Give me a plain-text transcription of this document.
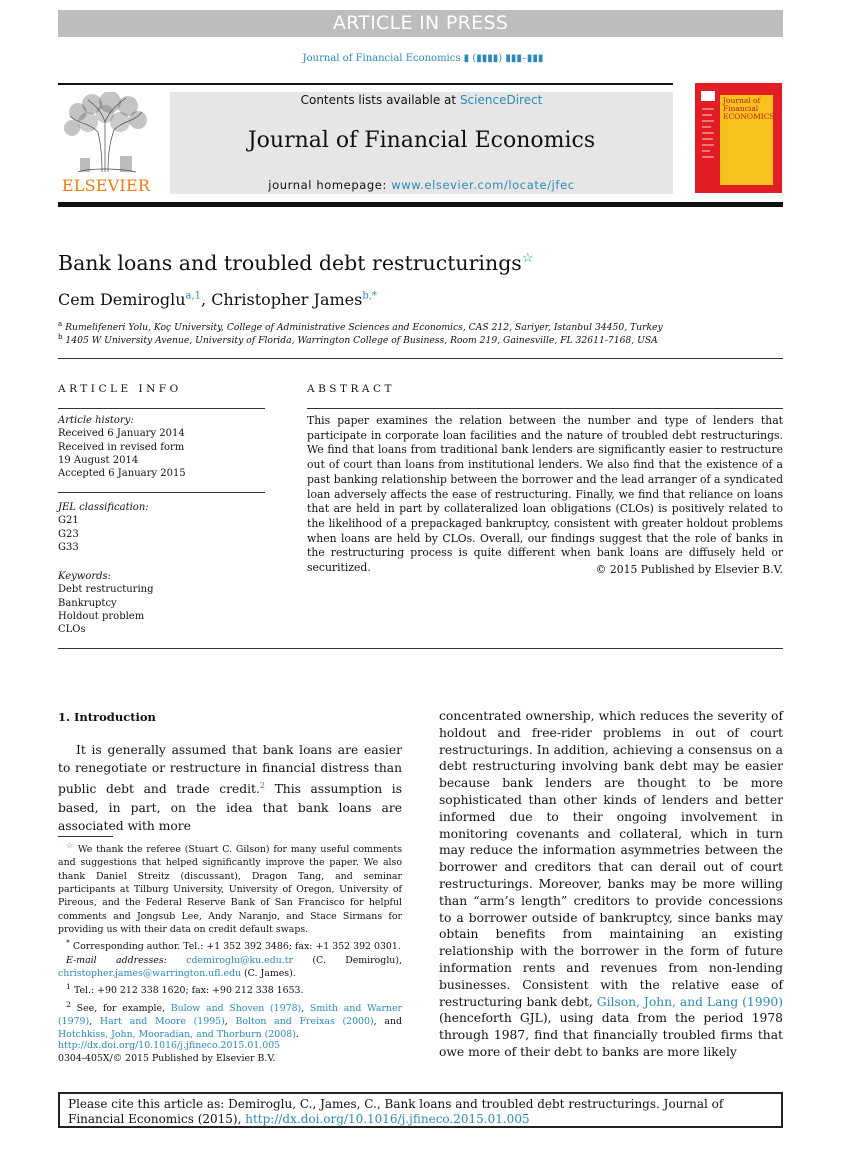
ARTICLE IN PRESS
Journal of Financial Economics ▮ (▮▮▮▮) ▮▮▮–▮▮▮
ELSEVIER
Contents lists available at ScienceDirect
Journal of Financial Economics
journal homepage: www.elsevier.com/locate/jfec
Journal of Financial ECONOMICS
Bank loans and troubled debt restructurings☆
Cem Demiroglu$^{a,1}$, Christopher James$^{b,*}$
$^a$ Rumelifeneri Yolu, Koç University, College of Administrative Sciences and Economics, CAS 212, Sariyer, Istanbul 34450, Turkey
$^b$ 1405 W University Avenue, University of Florida, Warrington College of Business, Room 219, Gainesville, FL 32611-7168, USA
ARTICLE INFO
Article history:
Received 6 January 2014
Received in revised form
19 August 2014
Accepted 6 January 2015
JEL classification:
G21
G23
G33
Keywords:
Debt restructuring
Bankruptcy
Holdout problem
CLOs
ABSTRACT
This paper examines the relation between the number and type of lenders that participate in corporate loan facilities and the nature of troubled debt restructurings. We find that loans from traditional bank lenders are significantly easier to restructure out of court than loans from institutional lenders. We also find that the existence of a past banking relationship between the borrower and the lead arranger of a syndicated loan adversely affects the ease of restructuring. Finally, we find that reliance on loans that are held in part by collateralized loan obligations (CLOs) is positively related to the likelihood of a prepackaged bankruptcy, consistent with greater holdout problems when loans are held by CLOs. Overall, our findings suggest that the role of banks in the restructuring process is quite different when bank loans are diffusely held or securitized.	© 2015 Published by Elsevier B.V.
1. Introduction

It is generally assumed that bank loans are easier to renegotiate or restructure in financial distress than public debt and trade credit.$^2$ This assumption is based, in part, on the idea that bank loans are associated with more

concentrated ownership, which reduces the severity of holdout and free-rider problems in out of court restructurings. In addition, achieving a consensus on a debt restructuring involving bank debt may be easier because bank lenders are thought to be more sophisticated than other kinds of lenders and better informed due to their ongoing involvement in monitoring covenants and collateral, which in turn may reduce the information asymmetries between the borrower and creditors that can derail out of court restructurings. Moreover, banks may be more willing than “arm’s length” creditors to provide concessions to a borrower outside of bankruptcy, since banks may obtain benefits from maintaining an existing relationship with the borrower in the form of future information rents and revenues from non-lending businesses. Consistent with the relative ease of restructuring bank debt, Gilson, John, and Lang (1990) (henceforth GJL), using data from the period 1978 through 1987, find that financially troubled firms that owe more of their debt to banks are more likely

☆ We thank the referee (Stuart C. Gilson) for many useful comments and suggestions that helped significantly improve the paper. We also thank Daniel Streitz (discussant), Dragon Tang, and seminar participants at Tilburg University, University of Oregon, University of Pireous, and the Federal Reserve Bank of San Francisco for helpful comments and Jongsub Lee, Andy Naranjo, and Stace Sirmans for providing us with their data on credit default swaps.

* Corresponding author. Tel.: +1 352 392 3486; fax: +1 352 392 0301.

E-mail addresses: cdemiroglu@ku.edu.tr (C. Demiroglu), christopher.james@warrington.ufl.edu (C. James).

$^1$ Tel.: +90 212 338 1620; fax: +90 212 338 1653.

$^2$ See, for example, Bulow and Shoven (1978), Smith and Warner (1979), Hart and Moore (1995), Bolton and Freixas (2000), and Hotchkiss, John, Mooradian, and Thorburn (2008).

http://dx.doi.org/10.1016/j.jfineco.2015.01.005
0304-405X/© 2015 Published by Elsevier B.V.
Please cite this article as: Demiroglu, C., James, C., Bank loans and troubled debt restructurings. Journal of Financial Economics (2015), http://dx.doi.org/10.1016/j.jfineco.2015.01.005
